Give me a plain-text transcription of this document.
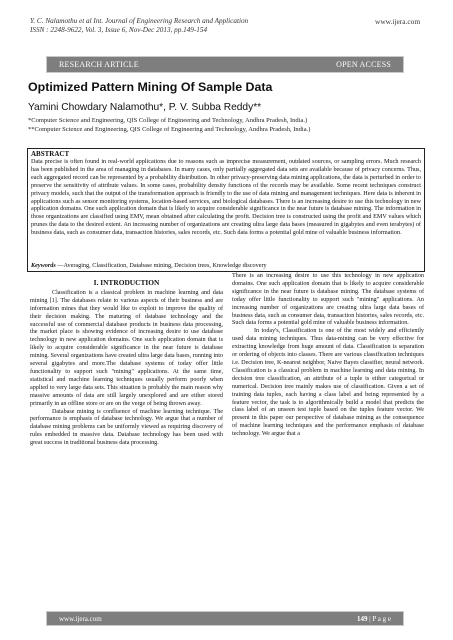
Y. C. Nalamothu et al Int. Journal of Engineering Research and Application
ISSN : 2248-9622, Vol. 3, Issue 6, Nov-Dec 2013, pp.149-154
www.ijera.com
RESEARCH ARTICLE	OPEN ACCESS
Optimized Pattern Mining Of Sample Data
Yamini Chowdary Nalamothu*, P. V. Subba Reddy**
*Computer Science and Engineering, QIS College of Engineering and Technology, Andhra Pradesh, India.)
**Computer Science and Engineering, QIS College of Engineering and Technology, Andhra Pradesh, India.)
ABSTRACT
Data precise is often found in real-world applications due to reasons such as imprecise measurement, outdated sources, or sampling errors. Much research has been published in the area of managing in databases. In many cases, only partially aggregated data sets are available because of privacy concerns. Thus, each aggregated record can be represented by a probability distribution. In other privacy-preserving data mining applications, the data is perturbed in order to preserve the sensitivity of attribute values. In some cases, probability density functions of the records may be available. Some recent techniques construct privacy models, such that the output of the transformation approach is friendly to the use of data mining and management techniques. Here data is inherent in applications such as sensor monitoring systems, location-based services, and biological databases. There is an increasing desire to use this technology in new application domains. One such application domain that is likely to acquire considerable significance in the near future is database mining. The information in those organizations are classified using EMV, mean obtained after calculating the profit. Decision tree is constructed using the profit and EMV values which prunes the data to the desired extent. An increasing number of organizations are creating ultra large data bases (measured in gigabytes and even terabytes) of business data, such as consumer data, transaction histories, sales records, etc. Such data forms a potential gold mine of valuable business information.
Keywords —Averaging, Classification, Database mining, Decision trees, Knowledge discovery
I. INTRODUCTION

Classification is a classical problem in machine learning and data mining [1]. The databases relate to various aspects of their business and are information mines that they would like to exploit to improve the quality of their decision making. The maturing of database technology and the successful use of commercial database products in business data processing, the market place is showing evidence of increasing desire to use database technology in new application domains. One such application domain that is likely to acquire considerable significance in the near future is database mining. Several organizations have created ultra large data bases, running into several gigabytes and more.The database systems of today offer little functionality to support such "mining" applications. At the same time, statistical and machine learning techniques usually perform poorly when applied to very large data sets. This situation is probably the main reason why massive amounts of data are still largely unexplored and are either stored primarily in an offline store or are on the verge of being thrown away.

Database mining is confluence of machine learning technique. The performance is emphasis of database technology. We argue that a number of database mining problems can be uniformly viewed as requiring discovery of rules embedded in massive data. Database technology has been used with great success in traditional business data processing.

There is an increasing desire to use this technology in new application domains. One such application domain that is likely to acquire considerable significance in the near future is database mining. The database systems of today offer little functionality to support such "mining" applications. An increasing number of organizations are creating ultra large data bases of business data, such as consumer data, transaction histories, sales records, etc. Such data forms a potential gold mine of valuable business information.

In today's, Classification is one of the most widely and efficiently used data mining techniques. Thus data-mining can be very effective for extracting knowledge from huge amount of data. Classification is separation or ordering of objects into classes. There are various classification techniques i.e. Decision tree, K-nearest neighbor, Naive Bayes classifier, neural network. Classification is a classical problem in machine learning and data mining. In decision tree classification, an attribute of a tuple is either categorical or numerical. Decision tree mainly makes use of classification. Given a set of training data tuples, each having a class label and being represented by a feature vector, the task is to algorithmically build a model that predicts the class label of an unseen test tuple based on the tuples feature vector. We present in this paper our perspective of database mining as the consequence of machine learning techniques and the performance emphasis of database technology. We argue that a

www.ijera.com	149 | P a g e
